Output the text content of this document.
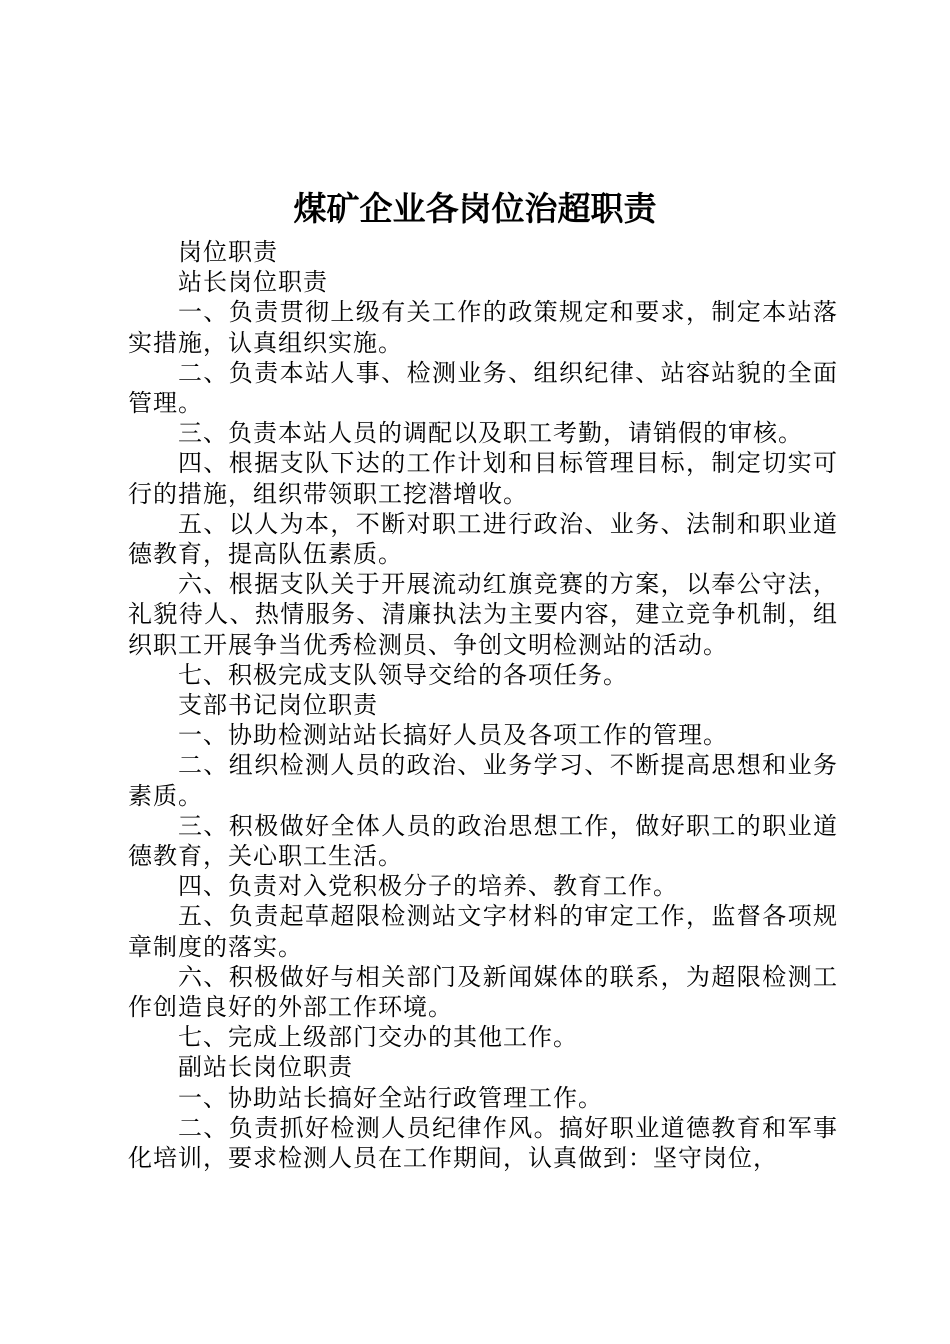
煤矿企业各岗位治超职责

岗位职责

站长岗位职责

一、负责贯彻上级有关工作的政策规定和要求，制定本站落实措施，认真组织实施。

二、负责本站人事、检测业务、组织纪律、站容站貌的全面管理。

三、负责本站人员的调配以及职工考勤，请销假的审核。

四、根据支队下达的工作计划和目标管理目标，制定切实可行的措施，组织带领职工挖潜增收。

五、以人为本，不断对职工进行政治、业务、法制和职业道德教育，提高队伍素质。

六、根据支队关于开展流动红旗竞赛的方案，以奉公守法，礼貌待人、热情服务、清廉执法为主要内容，建立竞争机制，组织职工开展争当优秀检测员、争创文明检测站的活动。

七、积极完成支队领导交给的各项任务。

支部书记岗位职责

一、协助检测站站长搞好人员及各项工作的管理。

二、组织检测人员的政治、业务学习、不断提高思想和业务素质。

三、积极做好全体人员的政治思想工作，做好职工的职业道德教育，关心职工生活。

四、负责对入党积极分子的培养、教育工作。

五、负责起草超限检测站文字材料的审定工作，监督各项规章制度的落实。

六、积极做好与相关部门及新闻媒体的联系，为超限检测工作创造良好的外部工作环境。

七、完成上级部门交办的其他工作。

副站长岗位职责

一、协助站长搞好全站行政管理工作。

二、负责抓好检测人员纪律作风。搞好职业道德教育和军事化培训，要求检测人员在工作期间，认真做到：坚守岗位，
